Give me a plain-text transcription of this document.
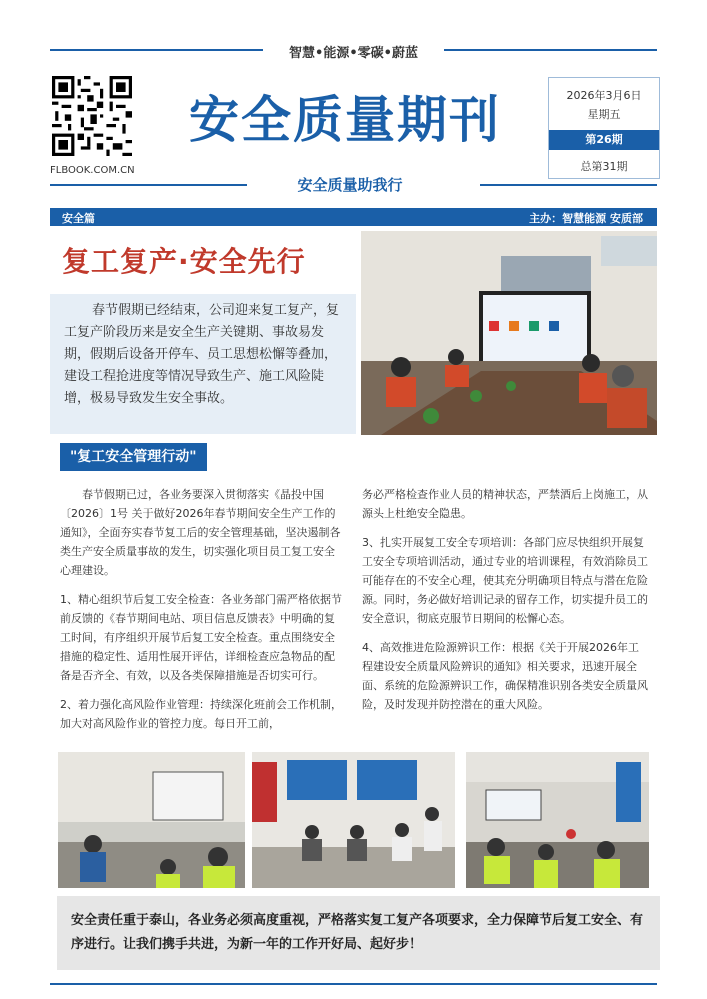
智慧•能源•零碳•蔚蓝
FLBOOK.COM.CN
安全质量期刊
安全质量助我行
2026年3月6日
星期五
第26期
总第31期
安全篇	主办：智慧能源 安质部
复工复产·安全先行

春节假期已经结束，公司迎来复工复产，复工复产阶段历来是安全生产关键期、事故易发期，假期后设备开停车、员工思想松懈等叠加，建设工程抢进度等情况导致生产、施工风险陡增，极易导致发生安全事故。

"复工安全管理行动"

春节假期已过，各业务要深入贯彻落实《晶投中国〔2026〕1号 关于做好2026年春节期间安全生产工作的通知》，全面夯实春节复工后的安全管理基础，坚决遏制各类生产安全质量事故的发生，切实强化项目员工复工安全心理建设。

1、精心组织节后复工安全检查：各业务部门需严格依据节前反馈的《春节期间电站、项目信息反馈表》中明确的复工时间，有序组织开展节后复工安全检查。重点围绕安全措施的稳定性、适用性展开评估，详细检查应急物品的配备是否齐全、有效，以及各类保障措施是否切实可行。

2、着力强化高风险作业管理：持续深化班前会工作机制，加大对高风险作业的管控力度。每日开工前，

务必严格检查作业人员的精神状态，严禁酒后上岗施工，从源头上杜绝安全隐患。

3、扎实开展复工安全专项培训：各部门应尽快组织开展复工安全专项培训活动，通过专业的培训课程，有效消除员工可能存在的不安全心理，使其充分明确项目特点与潜在危险源。同时，务必做好培训记录的留存工作，切实提升员工的安全意识，彻底克服节日期间的松懈心态。

4、高效推进危险源辨识工作：根据《关于开展2026年工程建设安全质量风险辨识的通知》相关要求，迅速开展全面、系统的危险源辨识工作，确保精准识别各类安全质量风险，及时发现并防控潜在的重大风险。

安全责任重于泰山，各业务必须高度重视，严格落实复工复产各项要求，全力保障节后复工安全、有序进行。让我们携手共进，为新一年的工作开好局、起好步！
